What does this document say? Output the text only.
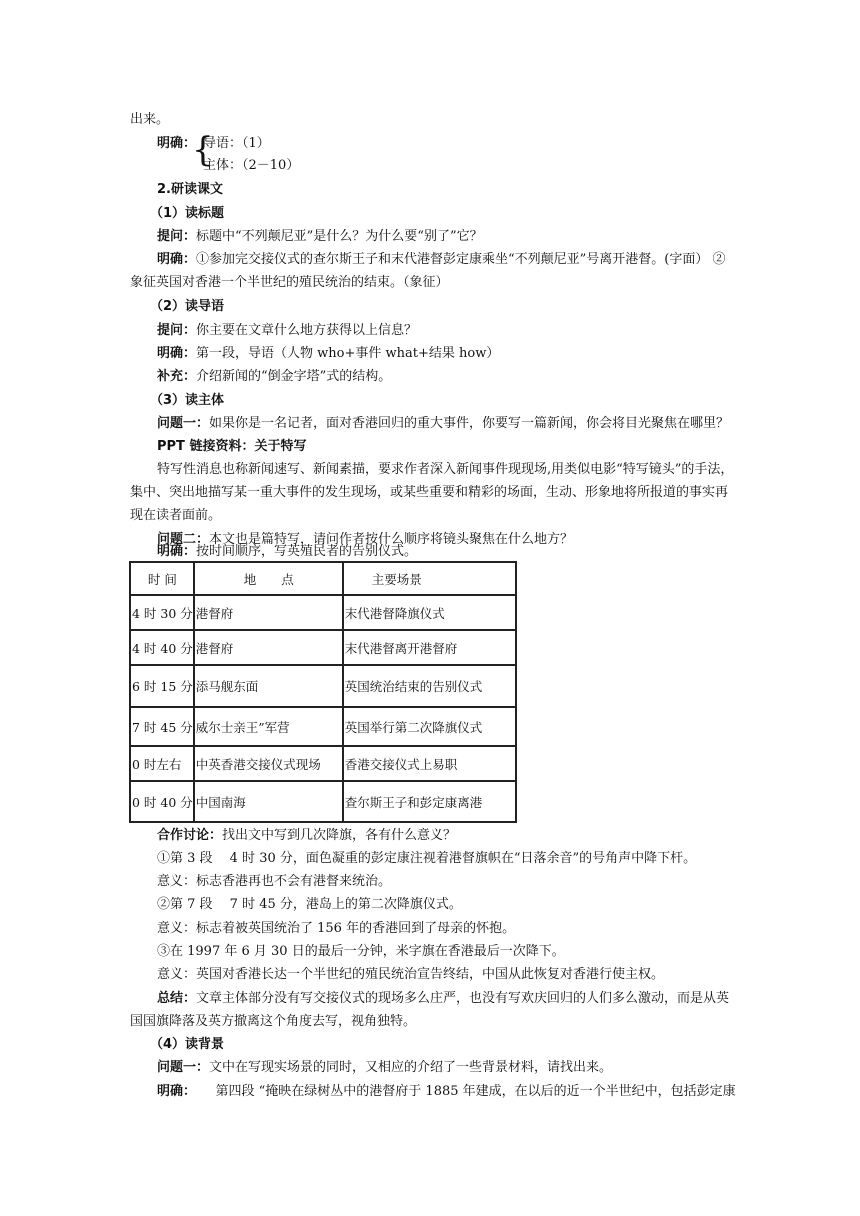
出来。
明确：
{
导语：（1）
主体：（2－10）
2.研读课文
（1）读标题
提问：标题中“不列颠尼亚”是什么？为什么要“别了”它？
明确：①参加完交接仪式的查尔斯王子和末代港督彭定康乘坐“不列颠尼亚”号离开港督。(字面） ②
象征英国对香港一个半世纪的殖民统治的结束。（象征）
（2）读导语
提问：你主要在文章什么地方获得以上信息？
明确：第一段，导语（人物 who+事件 what+结果 how）
补充：介绍新闻的“倒金字塔”式的结构。
（3）读主体
问题一：如果你是一名记者，面对香港回归的重大事件，你要写一篇新闻，你会将目光聚焦在哪里？
PPT 链接资料：关于特写
特写性消息也称新闻速写、新闻素描，要求作者深入新闻事件现现场,用类似电影“特写镜头”的手法，
集中、突出地描写某一重大事件的发生现场，或某些重要和精彩的场面，生动、形象地将所报道的事实再
现在读者面前。
问题二：本文也是篇特写，请问作者按什么顺序将镜头聚焦在什么地方？
明确：按时间顺序，写英殖民者的告别仪式。
时 间	地　　点	主要场景
4 时 30 分	港督府	末代港督降旗仪式
4 时 40 分	港督府	末代港督离开港督府
6 时 15 分	添马舰东面	英国统治结束的告别仪式
7 时 45 分	威尔士亲王”军营	英国举行第二次降旗仪式
0 时左右	中英香港交接仪式现场	香港交接仪式上易职
0 时 40 分	中国南海	查尔斯王子和彭定康离港
合作讨论：找出文中写到几次降旗，各有什么意义？
①第 3 段　 4 时 30 分，面色凝重的彭定康注视着港督旗帜在“日落余音”的号角声中降下杆。
意义：标志香港再也不会有港督来统治。
②第 7 段　 7 时 45 分，港岛上的第二次降旗仪式。
意义：标志着被英国统治了 156 年的香港回到了母亲的怀抱。
③在 1997 年 6 月 30 日的最后一分钟，米字旗在香港最后一次降下。
意义：英国对香港长达一个半世纪的殖民统治宣告终结，中国从此恢复对香港行使主权。
总结：文章主体部分没有写交接仪式的现场多么庄严，也没有写欢庆回归的人们多么激动，而是从英
国国旗降落及英方撤离这个角度去写，视角独特。
（4）读背景
问题一：文中在写现实场景的同时，又相应的介绍了一些背景材料，请找出来。
明确：　　第四段 “掩映在绿树丛中的港督府于 1885 年建成，在以后的近一个半世纪中，包括彭定康
